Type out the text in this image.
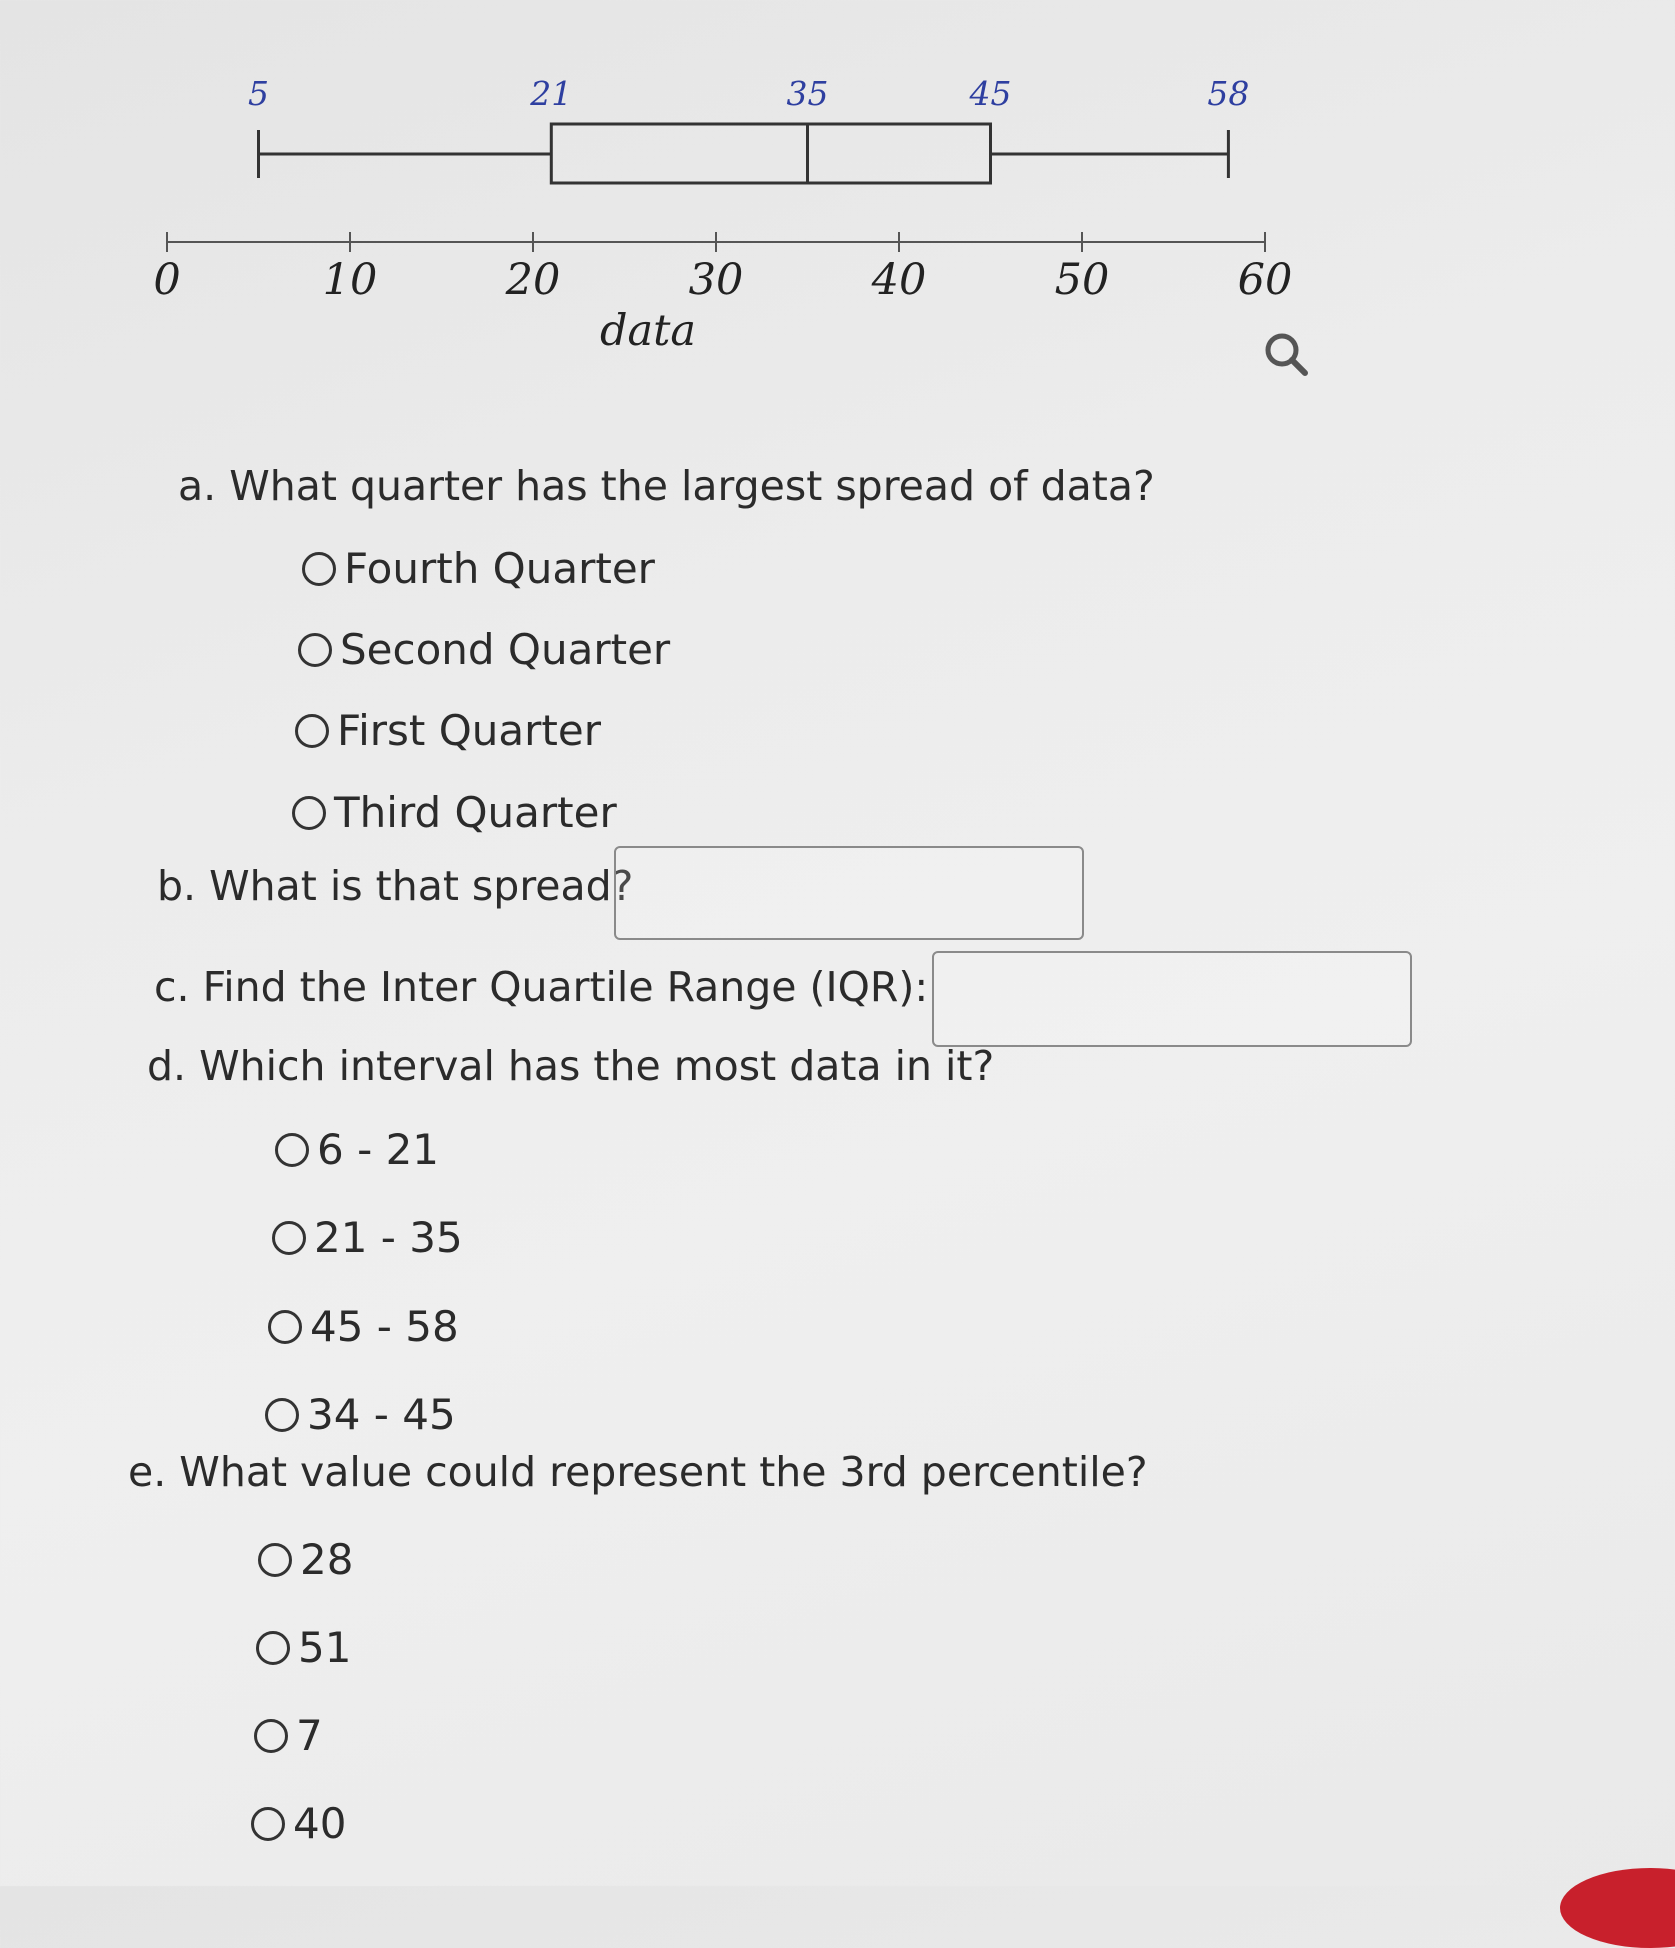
0	10	20	30	40	50	60
5	21	35	45	58
data
a. What quarter has the largest spread of data?
Fourth Quarter
Second Quarter
First Quarter
Third Quarter
b. What is that spread?
c. Find the Inter Quartile Range (IQR):
d. Which interval has the most data in it?
6 - 21
21 - 35
45 - 58
34 - 45
e. What value could represent the 3rd percentile?
28
51
7
40
